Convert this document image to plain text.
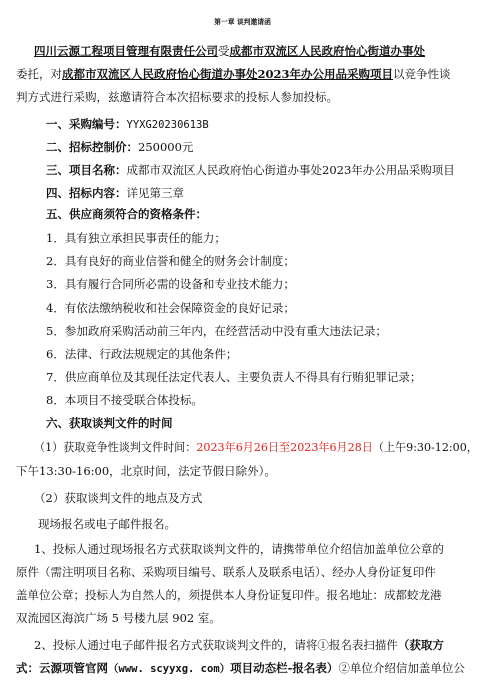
第一章 谈判邀请函
四川云源工程项目管理有限责任公司受成都市双流区人民政府怡心街道办事处
委托，对成都市双流区人民政府怡心街道办事处2023年办公用品采购项目以竞争性谈
判方式进行采购，兹邀请符合本次招标要求的投标人参加投标。
一、采购编号：YYXG20230613B
二、招标控制价：250000元
三、项目名称：成都市双流区人民政府怡心街道办事处2023年办公用品采购项目
四、招标内容：详见第三章
五、供应商须符合的资格条件：
1．具有独立承担民事责任的能力；
2．具有良好的商业信誉和健全的财务会计制度；
3．具有履行合同所必需的设备和专业技术能力；
4．有依法缴纳税收和社会保障资金的良好记录；
5．参加政府采购活动前三年内，在经营活动中没有重大违法记录；
6．法律、行政法规规定的其他条件；
7．供应商单位及其现任法定代表人、主要负责人不得具有行贿犯罪记录；
8．本项目不接受联合体投标。
六、获取谈判文件的时间
（1）获取竞争性谈判文件时间：2023年6月26日至2023年6月28日（上午9:30-12:00，
下午13:30-16:00，北京时间，法定节假日除外）。
（2）获取谈判文件的地点及方式
现场报名或电子邮件报名。
1、投标人通过现场报名方式获取谈判文件的，请携带单位介绍信加盖单位公章的
原件（需注明项目名称、采购项目编号、联系人及联系电话）、经办人身份证复印件
盖单位公章；投标人为自然人的，须提供本人身份证复印件。报名地址：成都蛟龙港
双流园区海滨广场 5 号楼九层 902 室。
2、投标人通过电子邮件报名方式获取谈判文件的，请将①报名表扫描件（获取方
式：云源项管官网（www. scyyxg. com）项目动态栏-报名表）②单位介绍信加盖单位公
